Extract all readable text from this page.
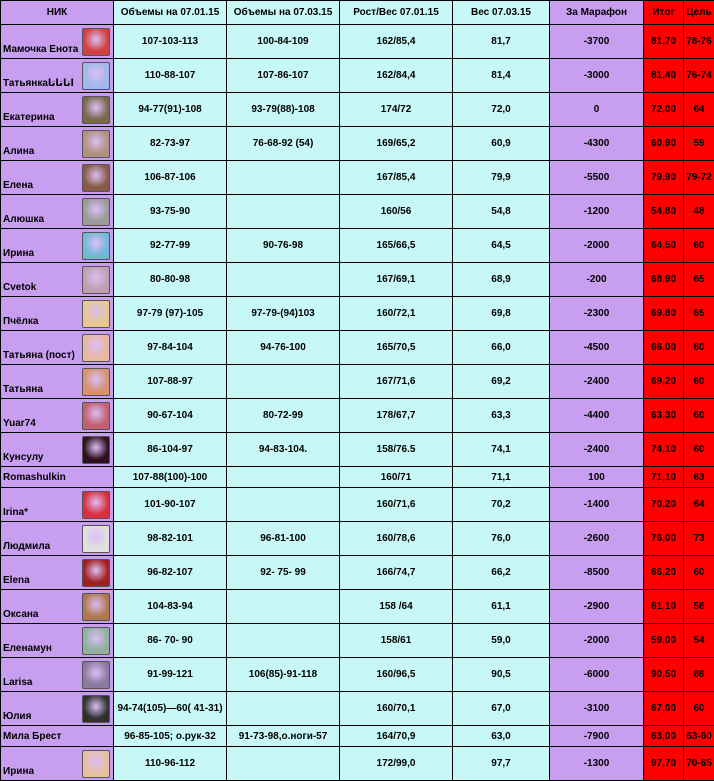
НИК	Объемы на 07.01.15	Объемы на 07.03.15	Рост/Вес 07.01.15	Вес 07.03.15	За Марафон	Итог	Цель

Мамочка Енота	107-103-113	100-84-109	162/85,4	81,7	-3700	81,70	78-76

Татьянкаاتاتاتا	110-88-107	107-86-107	162/84,4	81,4	-3000	81,40	76-74

Екатерина	94-77(91)-108	93-79(88)-108	174/72	72,0	0	72,00	64

Алина	82-73-97	76-68-92 (54)	169/65,2	60,9	-4300	60,90	59

Елена	106-87-106		167/85,4	79,9	-5500	79,90	79-72

Алюшка	93-75-90		160/56	54,8	-1200	54,80	48

Ирина	92-77-99	90-76-98	165/66,5	64,5	-2000	64,50	60

Cvetok	80-80-98		167/69,1	68,9	-200	68,90	65

Пчёлка	97-79 (97)-105	97-79-(94)103	160/72,1	69,8	-2300	69,80	65

Татьяна (пост)	97-84-104	94-76-100	165/70,5	66,0	-4500	66,00	60

Татьяна	107-88-97		167/71,6	69,2	-2400	69,20	60

Yuar74	90-67-104	80-72-99	178/67,7	63,3	-4400	63,30	60

Кунсулу	86-104-97	94-83-104.	158/76.5	74,1	-2400	74,10	60

Romashulkin	107-88(100)-100		160/71	71,1	100	71,10	63

Irina*	101-90-107		160/71,6	70,2	-1400	70,20	64

Людмила	98-82-101	96-81-100	160/78,6	76,0	-2600	76,00	73

Elena	96-82-107	92- 75- 99	166/74,7	66,2	-8500	66,20	60

Оксана	104-83-94		158 /64	61,1	-2900	61,10	56

Еленамун	86- 70- 90		158/61	59,0	-2000	59,00	54

Larisa	91-99-121	106(85)-91-118	160/96,5	90,5	-6000	90,50	86

Юлия	94-74(105)—60( 41-31)		160/70,1	67,0	-3100	67,00	60

Мила Брест	96-85-105; о.рук-32	91-73-98,о.ноги-57	164/70,9	63,0	-7900	63,00	63-60

Ирина	110-96-112		172/99,0	97,7	-1300	97,70	70-65
